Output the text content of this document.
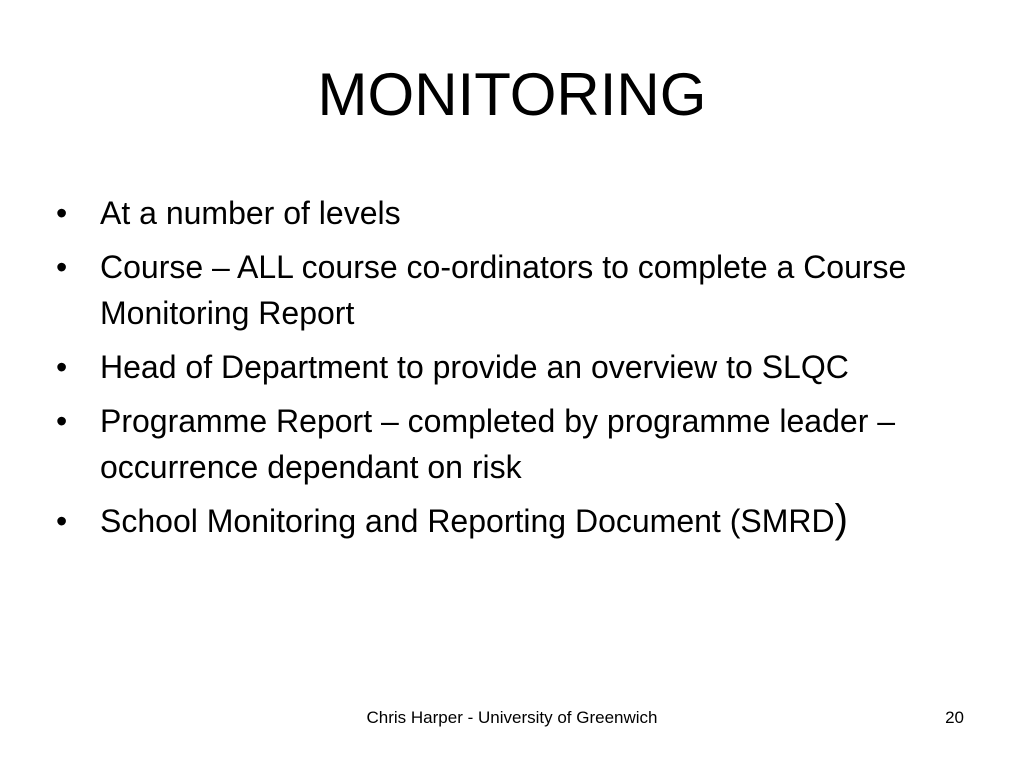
MONITORING
•	At a number of levels
•	Course – ALL course co-ordinators to complete a Course Monitoring Report
•	Head of Department to provide an overview to SLQC
•	Programme Report – completed by programme leader – occurrence dependant on risk
•	School Monitoring and Reporting Document (SMRD)
Chris Harper - University of Greenwich	20
